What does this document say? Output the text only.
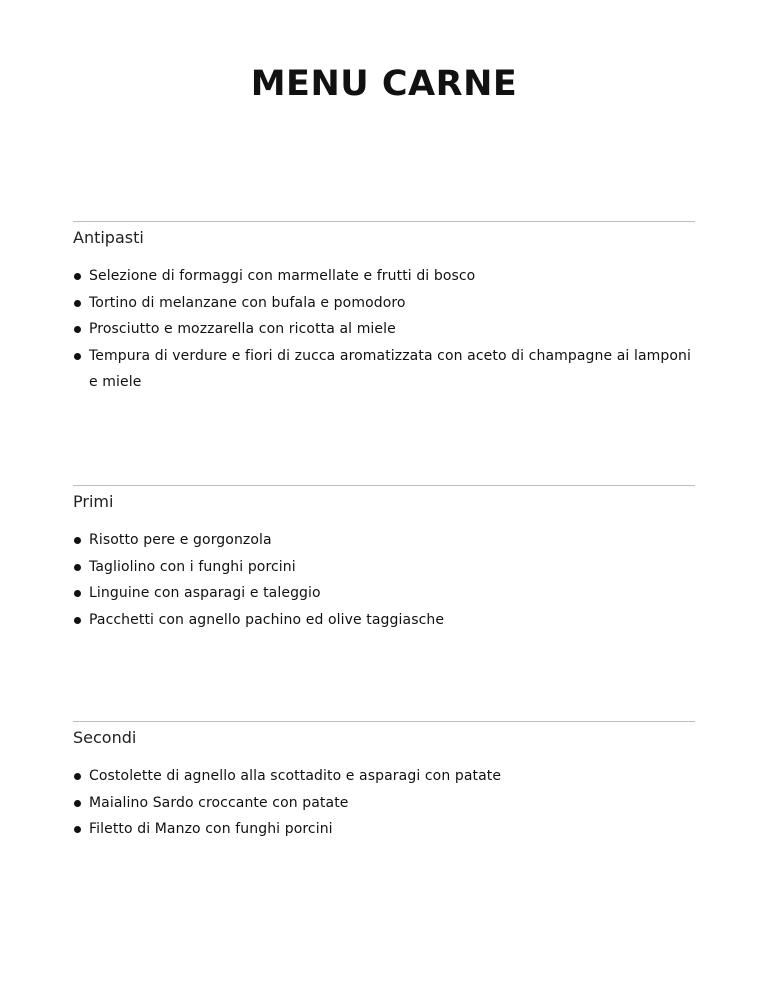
MENU CARNE
Antipasti
Selezione di formaggi con marmellate e frutti di bosco
Tortino di melanzane con bufala e pomodoro
Prosciutto e mozzarella con ricotta al miele
Tempura di verdure e fiori di zucca aromatizzata con aceto di champagne ai lamponi e miele
Primi
Risotto pere e gorgonzola
Tagliolino con i funghi porcini
Linguine con asparagi e taleggio
Pacchetti con agnello pachino ed olive taggiasche
Secondi
Costolette di agnello alla scottadito e asparagi con patate
Maialino Sardo croccante con patate
Filetto di Manzo con funghi porcini
